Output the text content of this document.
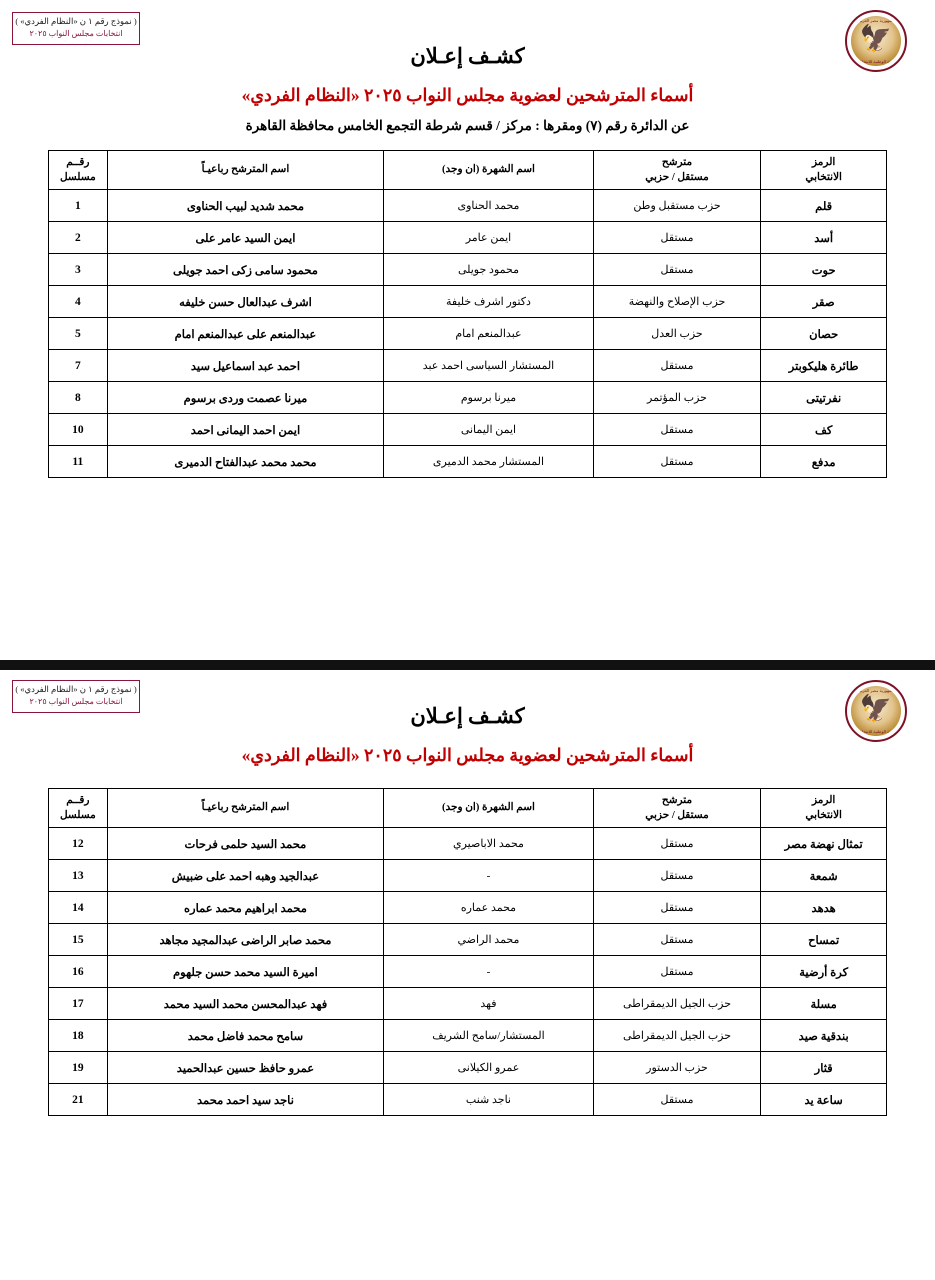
( نموذج رقم ١ ن «النظام الفردي» )
انتخابات مجلس النواب ٢٠٢٥
جمهورية مصر العربية
🦅
الهيئة الوطنية للانتخابات
كشـف إعـلان
أسماء المترشحين لعضوية مجلس النواب ٢٠٢٥ «النظام الفردي»
عن الدائرة رقم (٧) ومقرها : مركز / قسم شرطة التجمع الخامس محافظة القاهرة
الرمز
الانتخابي	مترشح
مستقل / حزبي	اسم الشهرة (ان وجد)	اسم المترشح رباعيـاً	رقــم
مسلسل

قلم	حزب مستقبل وطن	محمد الحناوى	محمد شديد لبيب الحناوى	1
أسد	مستقل	ايمن عامر	ايمن السيد عامر على	2
حوت	مستقل	محمود جويلى	محمود سامى زكى احمد جويلى	3
صقر	حزب الإصلاح والنهضة	دكتور اشرف خليفة	اشرف عبدالعال حسن خليفه	4
حصان	حزب العدل	عبدالمنعم امام	عبدالمنعم على عبدالمنعم امام	5
طائرة هليكوبتر	مستقل	المستشار السياسى احمد عبد	احمد عبد اسماعيل سيد	7
نفرتيتى	حزب المؤتمر	ميرنا برسوم	ميرنا عصمت وردى برسوم	8
كف	مستقل	ايمن اليمانى	ايمن احمد اليمانى احمد	10
مدفع	مستقل	المستشار محمد الدميرى	محمد محمد عبدالفتاح الدميرى	11
( نموذج رقم ١ ن «النظام الفردي» )
انتخابات مجلس النواب ٢٠٢٥
جمهورية مصر العربية
🦅
الهيئة الوطنية للانتخابات
كشـف إعـلان
أسماء المترشحين لعضوية مجلس النواب ٢٠٢٥ «النظام الفردي»
الرمز
الانتخابي	مترشح
مستقل / حزبي	اسم الشهرة (ان وجد)	اسم المترشح رباعيـاً	رقــم
مسلسل

تمثال نهضة مصر	مستقل	محمد الاباصيري	محمد السيد حلمى فرحات	12
شمعة	مستقل	-	عبدالجيد وهبه احمد على ضبيش	13
هدهد	مستقل	محمد عماره	محمد ابراهيم محمد عماره	14
تمساح	مستقل	محمد الراضي	محمد صابر الراضى عبدالمجيد مجاهد	15
كرة أرضية	مستقل	-	اميرة السيد محمد حسن جلهوم	16
مسلة	حزب الجيل الديمقراطى	فهد	فهد عبدالمحسن محمد السيد محمد	17
بندقية صيد	حزب الجيل الديمقراطى	المستشار/سامح الشريف	سامح محمد فاضل محمد	18
قثار	حزب الدستور	عمرو الكيلانى	عمرو حافظ حسين عبدالحميد	19
ساعة يد	مستقل	ناجد شنب	ناجد سيد احمد محمد	21
